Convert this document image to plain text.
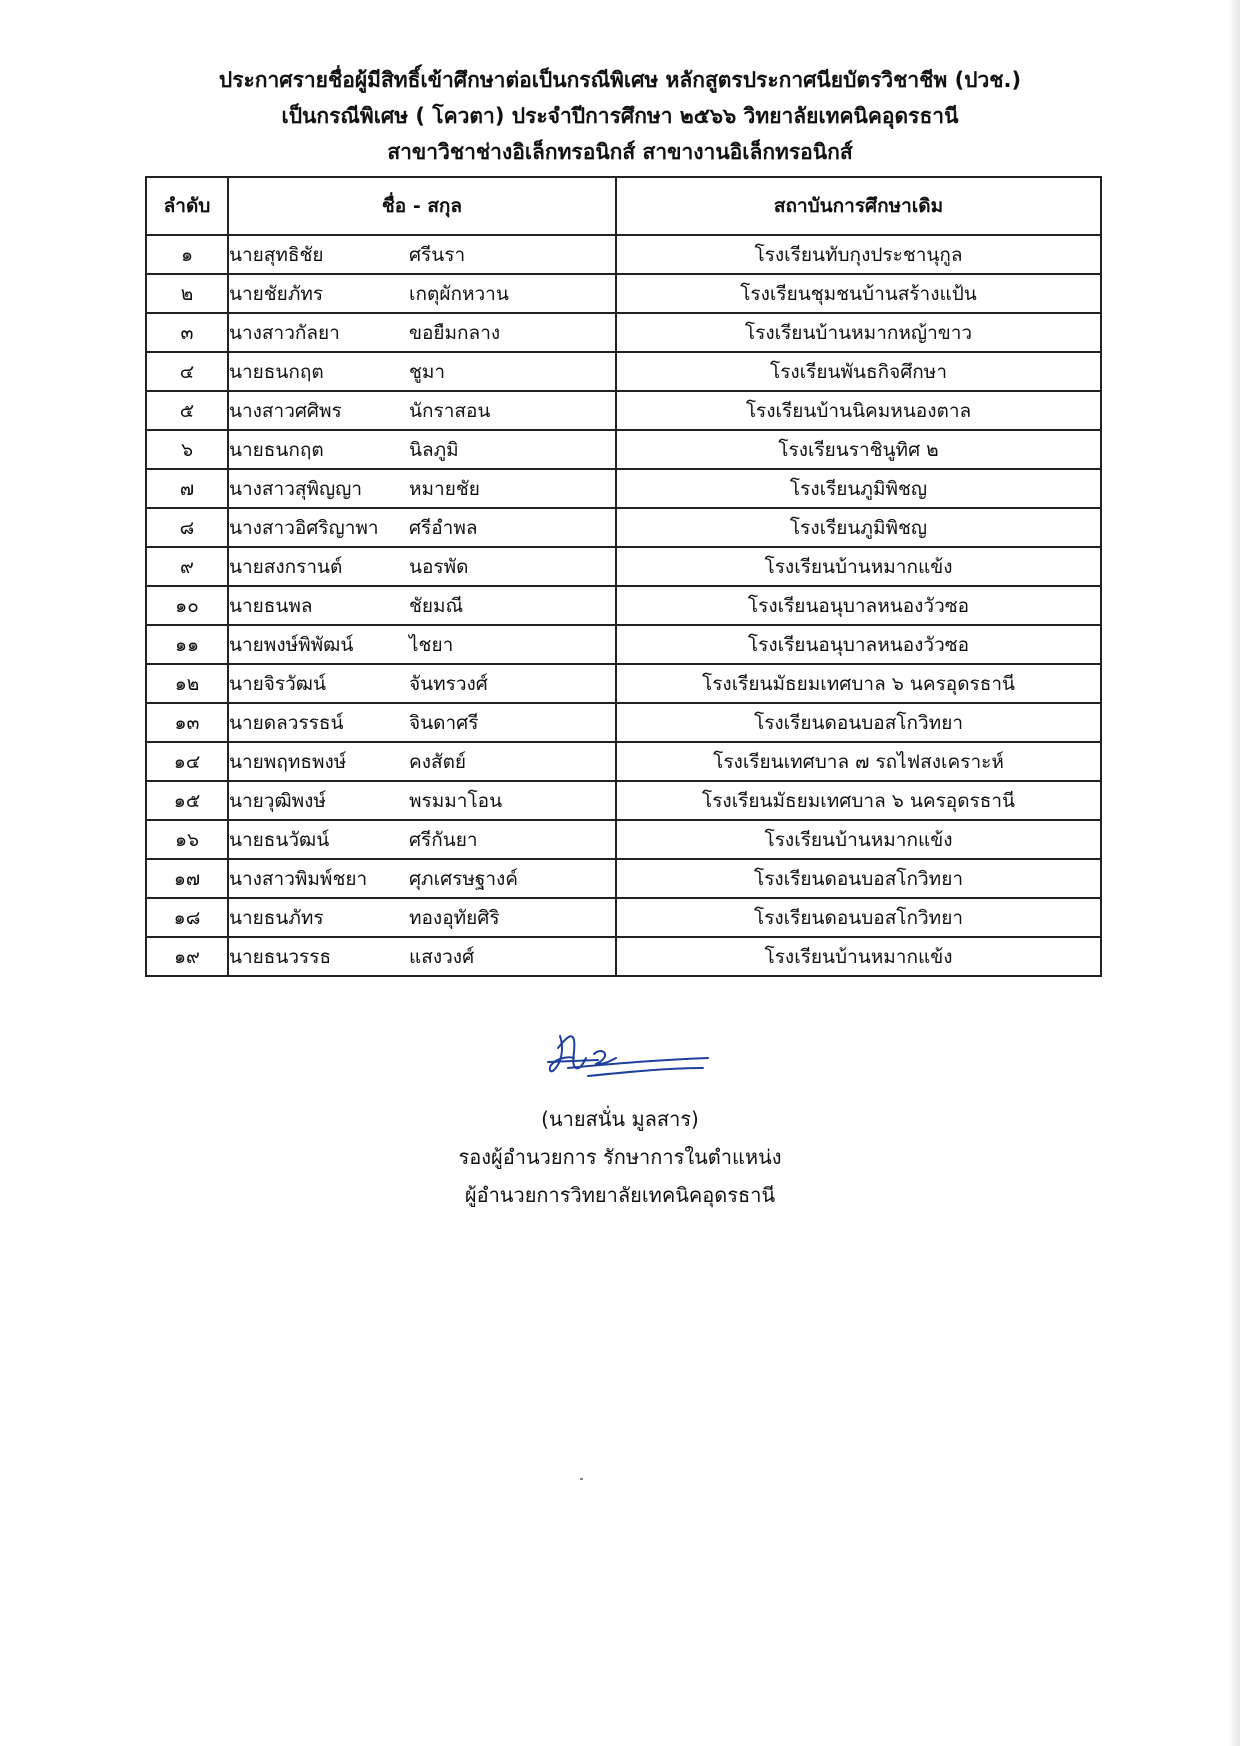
ประกาศรายชื่อผู้มีสิทธิ์เข้าศึกษาต่อเป็นกรณีพิเศษ หลักสูตรประกาศนียบัตรวิชาชีพ (ปวช.)
เป็นกรณีพิเศษ ( โควตา) ประจำปีการศึกษา ๒๕๖๖ วิทยาลัยเทคนิคอุดรธานี
สาขาวิชาช่างอิเล็กทรอนิกส์ สาขางานอิเล็กทรอนิกส์
ลำดับ	ชื่อ - สกุล	สถาบันการศึกษาเดิม
๑	นายสุทธิชัย ศรีนรา	โรงเรียนทับกุงประชานุกูล
๒	นายชัยภัทร เกตุผักหวาน	โรงเรียนชุมชนบ้านสร้างแป้น
๓	นางสาวกัลยา ขอยืมกลาง	โรงเรียนบ้านหมากหญ้าขาว
๔	นายธนกฤต ชูมา	โรงเรียนพันธกิจศึกษา
๕	นางสาวศศิพร นักราสอน	โรงเรียนบ้านนิคมหนองตาล
๖	นายธนกฤต นิลภูมิ	โรงเรียนราชินูทิศ ๒
๗	นางสาวสุพิญญา หมายชัย	โรงเรียนภูมิพิชญ
๘	นางสาวอิศริญาพา ศรีอำพล	โรงเรียนภูมิพิชญ
๙	นายสงกรานต์ นอรพัด	โรงเรียนบ้านหมากแข้ง
๑๐	นายธนพล ชัยมณี	โรงเรียนอนุบาลหนองวัวซอ
๑๑	นายพงษ์พิพัฒน์ ไชยา	โรงเรียนอนุบาลหนองวัวซอ
๑๒	นายจิรวัฒน์ จันทรวงศ์	โรงเรียนมัธยมเทศบาล ๖ นครอุดรธานี
๑๓	นายดลวรรธน์ จินดาศรี	โรงเรียนดอนบอสโกวิทยา
๑๔	นายพฤทธพงษ์ คงสัตย์	โรงเรียนเทศบาล ๗ รถไฟสงเคราะห์
๑๕	นายวุฒิพงษ์ พรมมาโอน	โรงเรียนมัธยมเทศบาล ๖ นครอุดรธานี
๑๖	นายธนวัฒน์ ศรีกันยา	โรงเรียนบ้านหมากแข้ง
๑๗	นางสาวพิมพ์ชยา ศุภเศรษฐางค์	โรงเรียนดอนบอสโกวิทยา
๑๘	นายธนภัทร ทองอุทัยศิริ	โรงเรียนดอนบอสโกวิทยา
๑๙	นายธนวรรธ แสงวงศ์	โรงเรียนบ้านหมากแข้ง
(นายสนั่น มูลสาร)
รองผู้อำนวยการ รักษาการในตำแหน่ง
ผู้อำนวยการวิทยาลัยเทคนิคอุดรธานี
